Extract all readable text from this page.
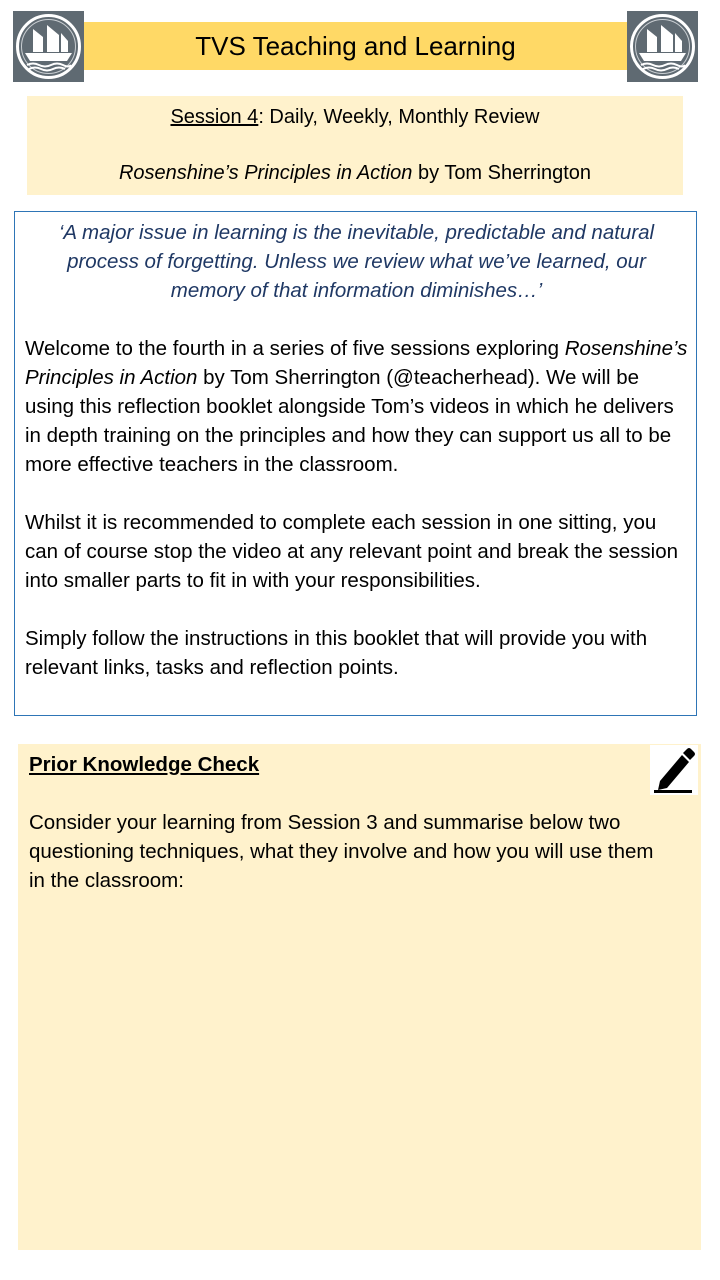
TVS Teaching and Learning
Session 4: Daily, Weekly, Monthly Review
Rosenshine’s Principles in Action by Tom Sherrington
‘A major issue in learning is the inevitable, predictable and natural process of forgetting. Unless we review what we’ve learned, our memory of that information diminishes…’
Welcome to the fourth in a series of five sessions exploring Rosenshine’s Principles in Action by Tom Sherrington (@teacherhead). We will be using this reflection booklet alongside Tom’s videos in which he delivers in depth training on the principles and how they can support us all to be more effective teachers in the classroom.
Whilst it is recommended to complete each session in one sitting, you can of course stop the video at any relevant point and break the session into smaller parts to fit in with your responsibilities.
Simply follow the instructions in this booklet that will provide you with relevant links, tasks and reflection points.
Prior Knowledge Check
Consider your learning from Session 3 and summarise below two questioning techniques, what they involve and how you will use them in the classroom:
